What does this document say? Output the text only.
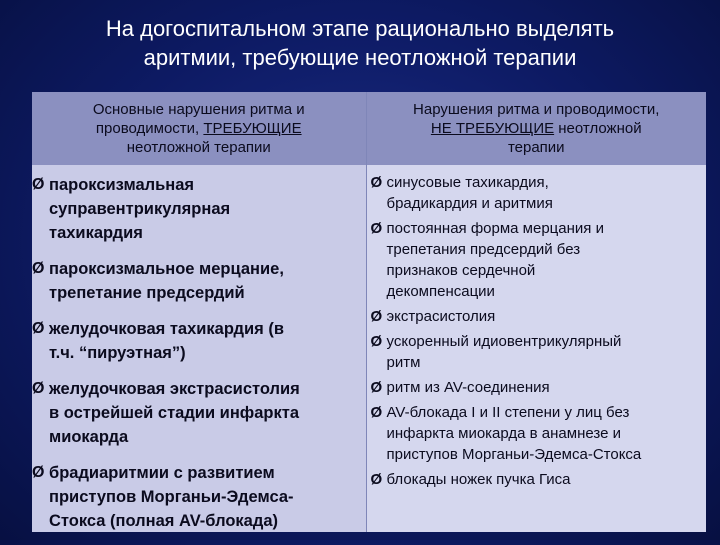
На догоспитальном этапе рационально выделять
аритмии, требующие неотложной терапии
Основные нарушения ритма и
проводимости, ТРЕБУЮЩИЕ
неотложной терапии
Ø пароксизмальная
суправентрикулярная
тахикардия
Ø пароксизмальное мерцание,
трепетание предсердий
Ø желудочковая тахикардия (в
т.ч. “пируэтная”)
Ø желудочковая экстрасистолия
в острейшей стадии инфаркта
миокарда
Ø брадиаритмии с развитием
приступов Морганьи-Эдемса-
Стокса (полная AV-блокада)
Нарушения ритма и проводимости,
НЕ ТРЕБУЮЩИЕ неотложной
терапии
Ø синусовые тахикардия,
брадикардия и аритмия
Ø постоянная форма мерцания и
трепетания предсердий без
признаков сердечной
декомпенсации
Ø экстрасистолия
Ø ускоренный идиовентрикулярный
ритм
Ø ритм из AV-соединения
Ø AV-блокада I и II степени у лиц без
инфаркта миокарда в анамнезе и
приступов Морганьи-Эдемса-Стокса
Ø блокады ножек пучка Гиса
